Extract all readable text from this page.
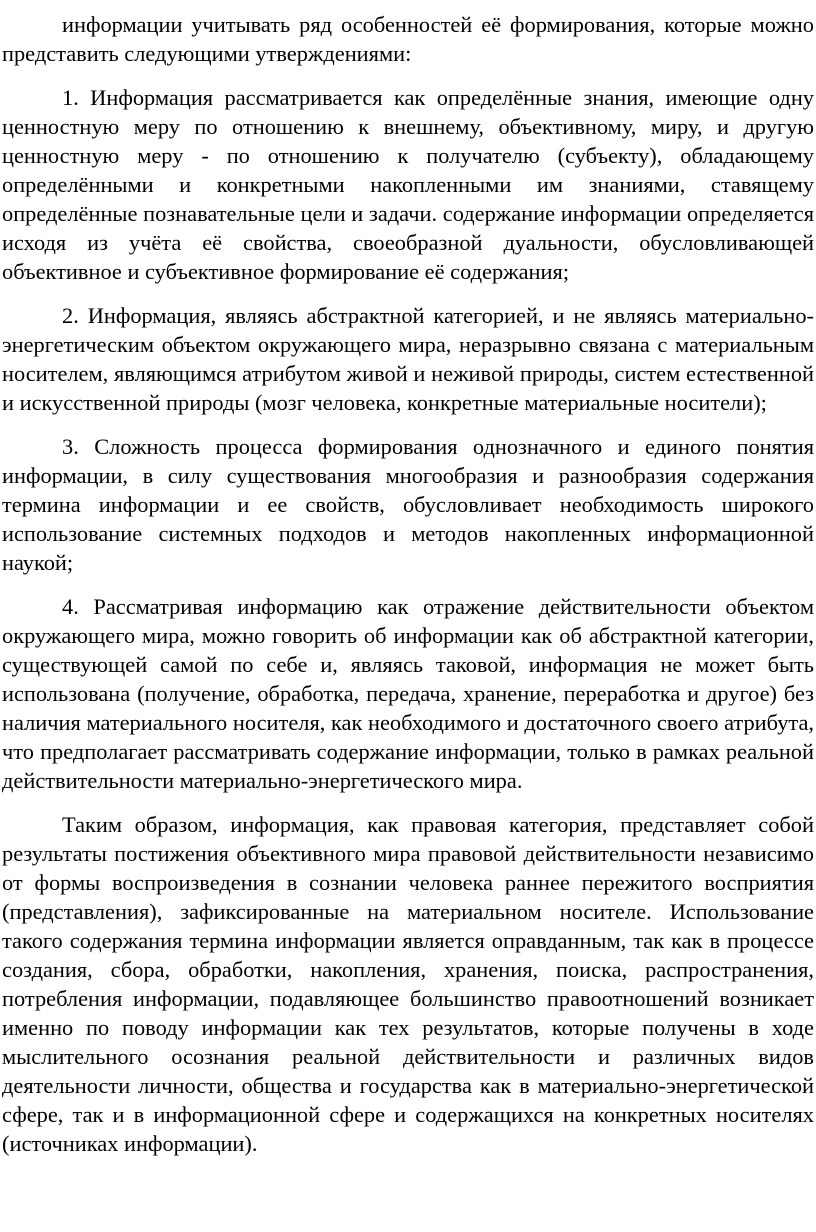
информации учитывать ряд особенностей её формирования, которые можно представить следующими утверждениями:

1. Информация рассматривается как определённые знания, имеющие одну ценностную меру по отношению к внешнему, объективному, миру, и другую ценностную меру - по отношению к получателю (субъекту), обладающему определёнными и конкретными накопленными им знаниями, ставящему определённые познавательные цели и задачи. содержание информации определяется исходя из учёта её свойства, своеобразной дуальности, обусловливающей объективное и субъективное формирование её содержания;

2. Информация, являясь абстрактной категорией, и не являясь материально-энергетическим объектом окружающего мира, неразрывно связана с материальным носителем, являющимся атрибутом живой и неживой природы, систем естественной и искусственной природы (мозг человека, конкретные материальные носители);

3. Сложность процесса формирования однозначного и единого понятия информации, в силу существования многообразия и разнообразия содержания термина информации и ее свойств, обусловливает необходимость широкого использование системных подходов и методов накопленных информационной наукой;

4. Рассматривая информацию как отражение действительности объектом окружающего мира, можно говорить об информации как об абстрактной категории, существующей самой по себе и, являясь таковой, информация не может быть использована (получение, обработка, передача, хранение, переработка и другое) без наличия материального носителя, как необходимого и достаточного своего атрибута, что предполагает рассматривать содержание информации, только в рамках реальной действительности материально-энергетического мира.

Таким образом, информация, как правовая категория, представляет собой результаты постижения объективного мира правовой действительности независимо от формы воспроизведения в сознании человека раннее пережитого восприятия (представления), зафиксированные на материальном носителе. Использование такого содержания термина информации является оправданным, так как в процессе создания, сбора, обработки, накопления, хранения, поиска, распространения, потребления информации, подавляющее большинство правоотношений возникает именно по поводу информации как тех результатов, которые получены в ходе мыслительного осознания реальной действительности и различных видов деятельности личности, общества и государства как в материально-энергетической сфере, так и в информационной сфере и содержащихся на конкретных носителях (источниках информации).
